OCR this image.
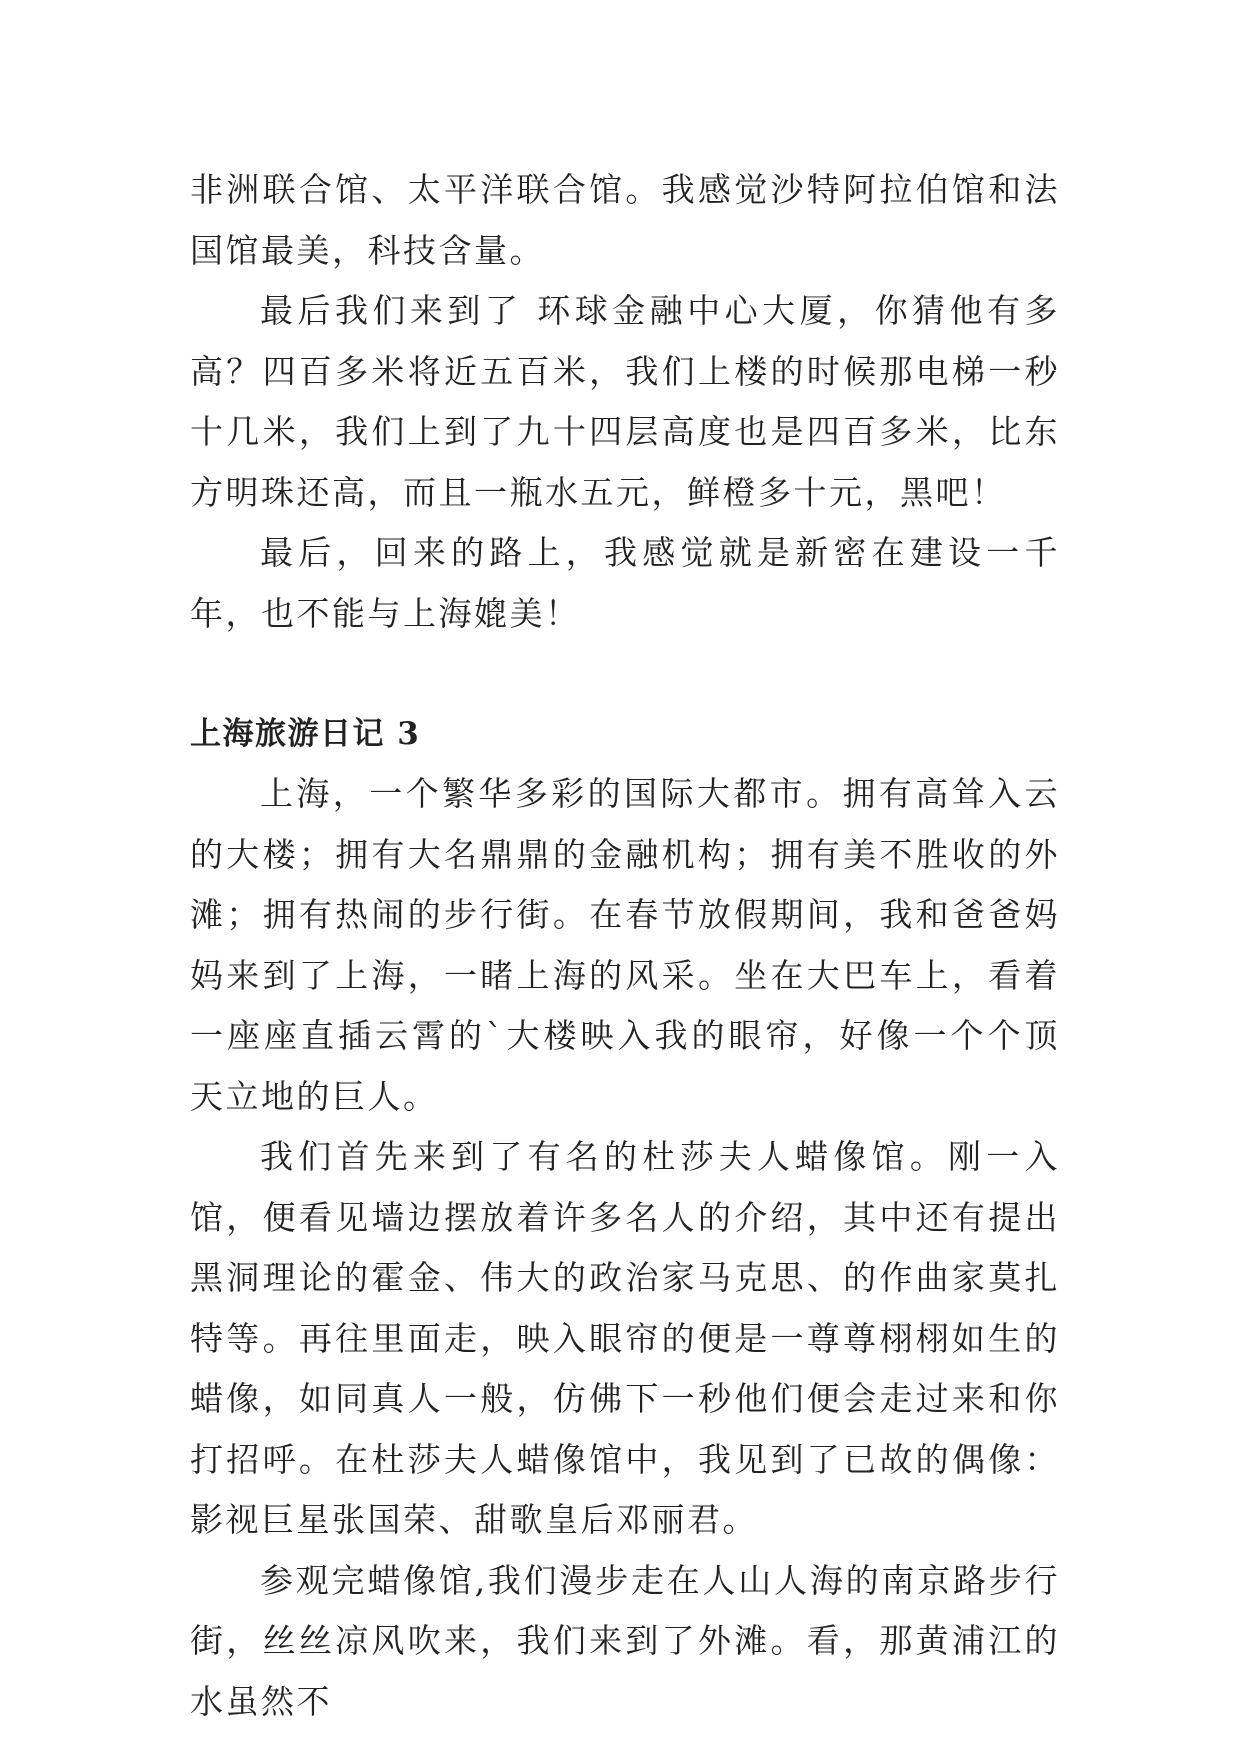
非洲联合馆、太平洋联合馆。我感觉沙特阿拉伯馆和法国馆最美，科技含量。

最后我们来到了 环球金融中心大厦，你猜他有多高？四百多米将近五百米，我们上楼的时候那电梯一秒十几米，我们上到了九十四层高度也是四百多米，比东方明珠还高，而且一瓶水五元，鲜橙多十元，黑吧！

最后，回来的路上，我感觉就是新密在建设一千年，也不能与上海媲美！

上海旅游日记 3

上海，一个繁华多彩的国际大都市。拥有高耸入云的大楼；拥有大名鼎鼎的金融机构；拥有美不胜收的外滩；拥有热闹的步行街。在春节放假期间，我和爸爸妈妈来到了上海，一睹上海的风采。坐在大巴车上，看着一座座直插云霄的`大楼映入我的眼帘，好像一个个顶天立地的巨人。

我们首先来到了有名的杜莎夫人蜡像馆。刚一入馆，便看见墙边摆放着许多名人的介绍，其中还有提出黑洞理论的霍金、伟大的政治家马克思、的作曲家莫扎特等。再往里面走，映入眼帘的便是一尊尊栩栩如生的蜡像，如同真人一般，仿佛下一秒他们便会走过来和你打招呼。在杜莎夫人蜡像馆中，我见到了已故的偶像：影视巨星张国荣、甜歌皇后邓丽君。

参观完蜡像馆,我们漫步走在人山人海的南京路步行街，丝丝凉风吹来，我们来到了外滩。看，那黄浦江的水虽然不
